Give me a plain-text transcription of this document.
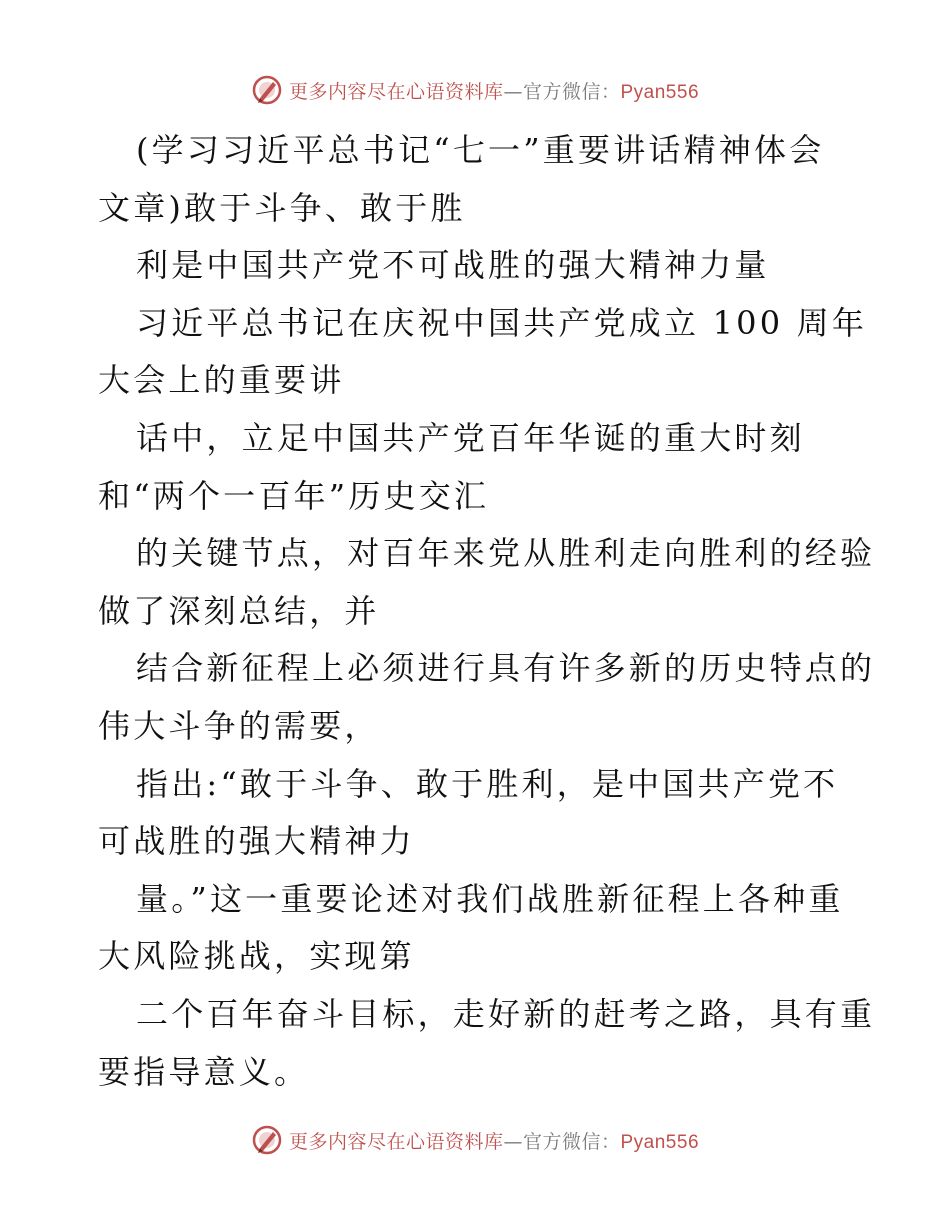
更多内容尽在心语资料库—官方微信：Pyan556
(学习习近平总书记“七一”重要讲话精神体会
文章)敢于斗争、敢于胜
利是中国共产党不可战胜的强大精神力量
习近平总书记在庆祝中国共产党成立 100 周年
大会上的重要讲
话中，立足中国共产党百年华诞的重大时刻
和“两个一百年”历史交汇
的关键节点，对百年来党从胜利走向胜利的经验
做了深刻总结，并
结合新征程上必须进行具有许多新的历史特点的
伟大斗争的需要，
指出:“敢于斗争、敢于胜利，是中国共产党不
可战胜的强大精神力
量。”这一重要论述对我们战胜新征程上各种重
大风险挑战，实现第
二个百年奋斗目标，走好新的赶考之路，具有重
要指导意义。
更多内容尽在心语资料库—官方微信：Pyan556
